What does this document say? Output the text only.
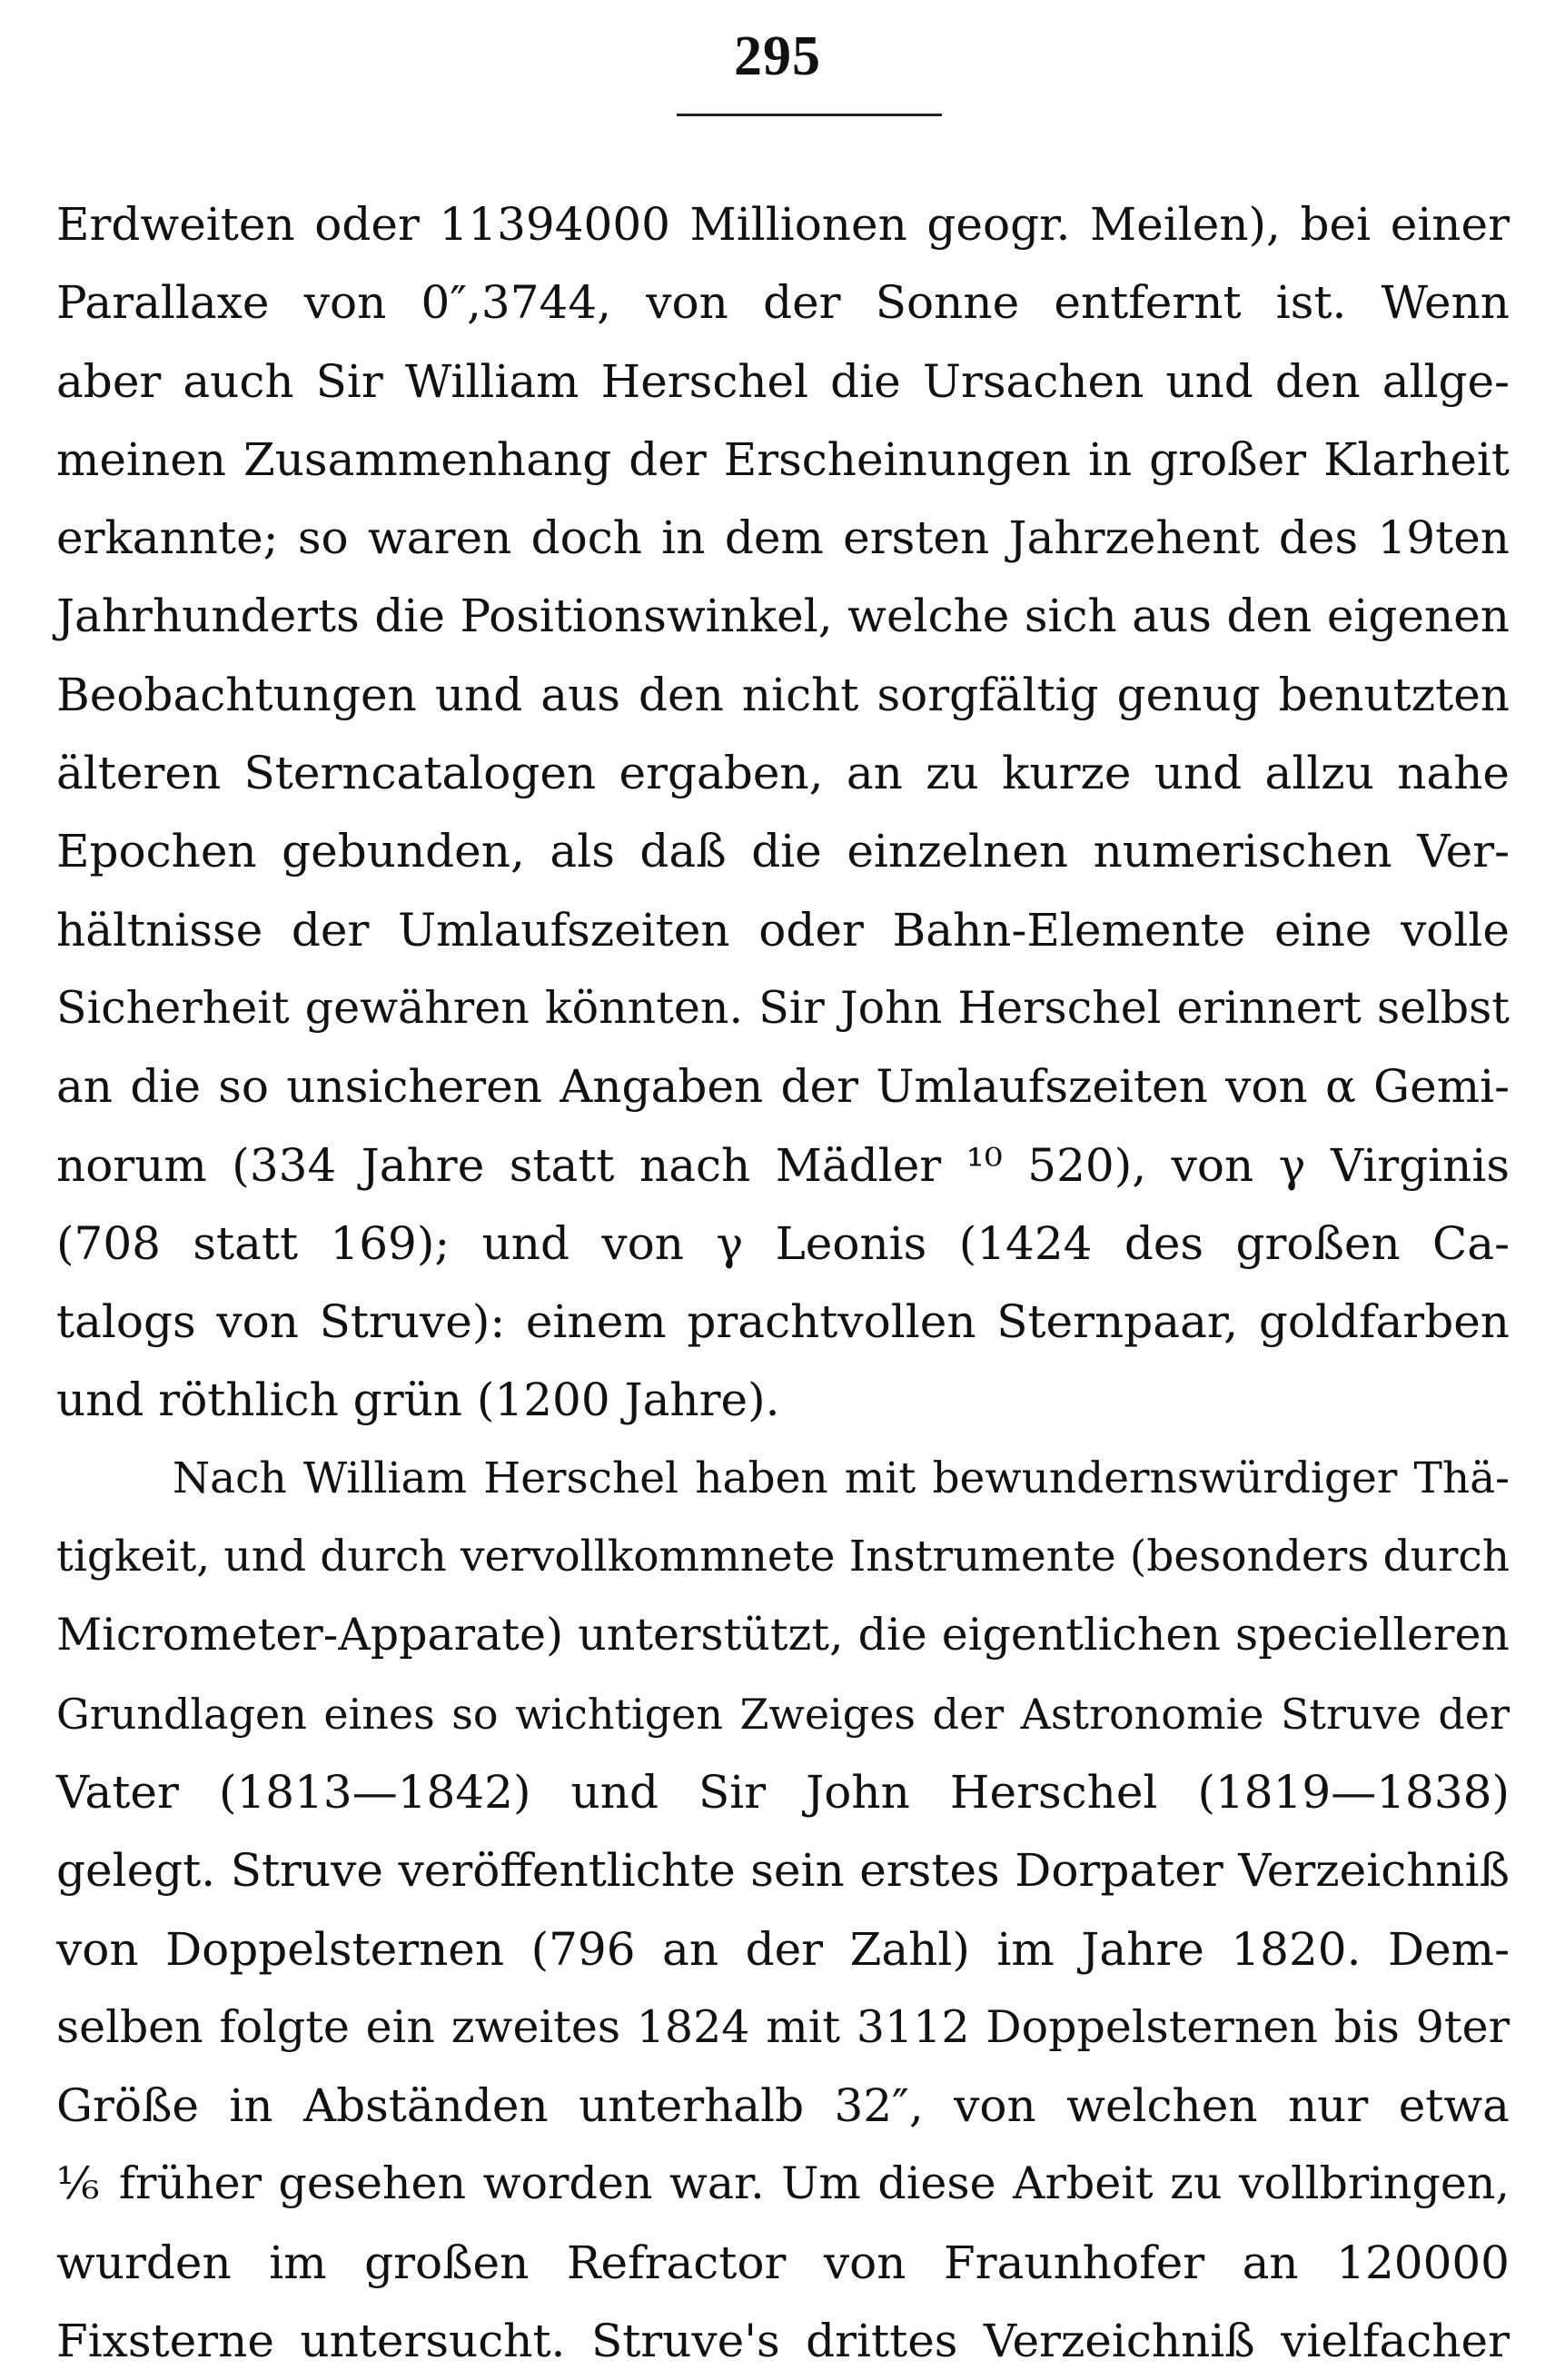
295
Erdweiten oder 11394000 Millionen geogr. Meilen), bei einer
Parallaxe von 0″,3744, von der Sonne entfernt ist. Wenn
aber auch Sir William Herschel die Ursachen und den allge-
meinen Zusammenhang der Erscheinungen in großer Klarheit
erkannte; so waren doch in dem ersten Jahrzehent des 19ten
Jahrhunderts die Positionswinkel, welche sich aus den eigenen
Beobachtungen und aus den nicht sorgfältig genug benutzten
älteren Sterncatalogen ergaben, an zu kurze und allzu nahe
Epochen gebunden, als daß die einzelnen numerischen Ver-
hältnisse der Umlaufszeiten oder Bahn-Elemente eine volle
Sicherheit gewähren könnten. Sir John Herschel erinnert selbst
an die so unsicheren Angaben der Umlaufszeiten von α Gemi-
norum (334 Jahre statt nach Mädler ¹⁰ 520), von γ Virginis
(708 statt 169); und von γ Leonis (1424 des großen Ca-
talogs von Struve): einem prachtvollen Sternpaar, goldfarben
und röthlich grün (1200 Jahre).
Nach William Herschel haben mit bewundernswürdiger Thä-
tigkeit, und durch vervollkommnete Instrumente (besonders durch
Micrometer-Apparate) unterstützt, die eigentlichen specielleren
Grundlagen eines so wichtigen Zweiges der Astronomie Struve der
Vater (1813—1842) und Sir John Herschel (1819—1838)
gelegt. Struve veröffentlichte sein erstes Dorpater Verzeichniß
von Doppelsternen (796 an der Zahl) im Jahre 1820. Dem-
selben folgte ein zweites 1824 mit 3112 Doppelsternen bis 9ter
Größe in Abständen unterhalb 32″, von welchen nur etwa
⅙ früher gesehen worden war. Um diese Arbeit zu vollbringen,
wurden im großen Refractor von Fraunhofer an 120000
Fixsterne untersucht. Struve's drittes Verzeichniß vielfacher
